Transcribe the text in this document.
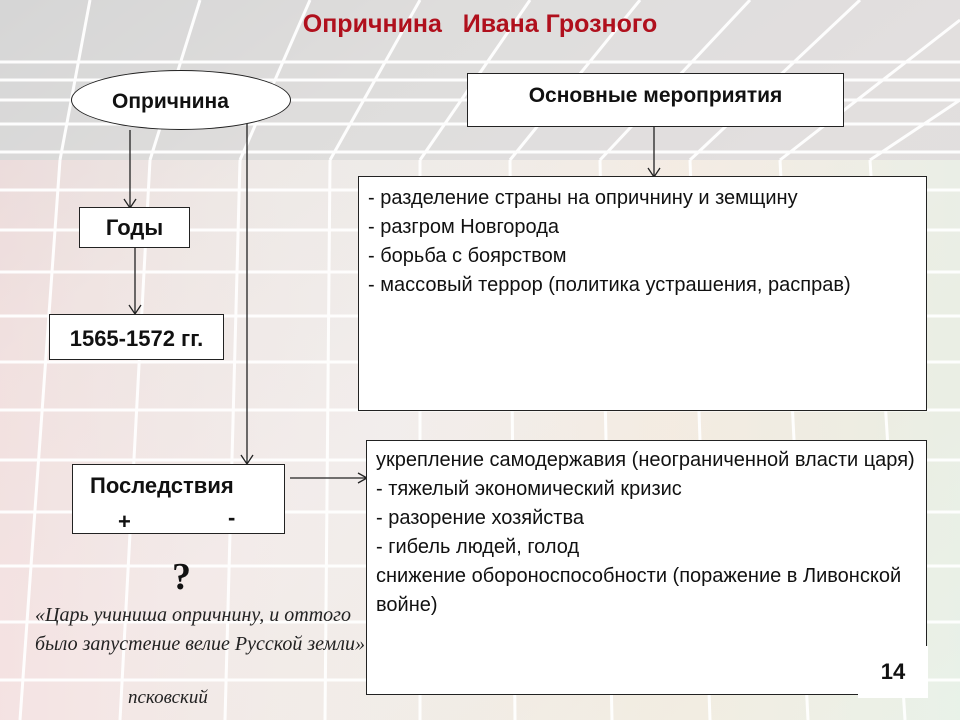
Опричнина   Ивана Грозного
Опричнина	Основные мероприятия
Годы
1565-1572 гг.
Последствия
+	-
- разделение страны на опричнину и земщину
- разгром Новгорода
- борьба с боярством
- массовый террор (политика устрашения, расправ)
укрепление самодержавия (неограниченной власти царя)
- тяжелый экономический кризис
- разорение хозяйства
- гибель людей, голод
снижение обороноспособности (поражение в Ливонской войне)
?
«Царь учиниша опричнину, и оттого было запустение велие Русской земли»
псковский
14
